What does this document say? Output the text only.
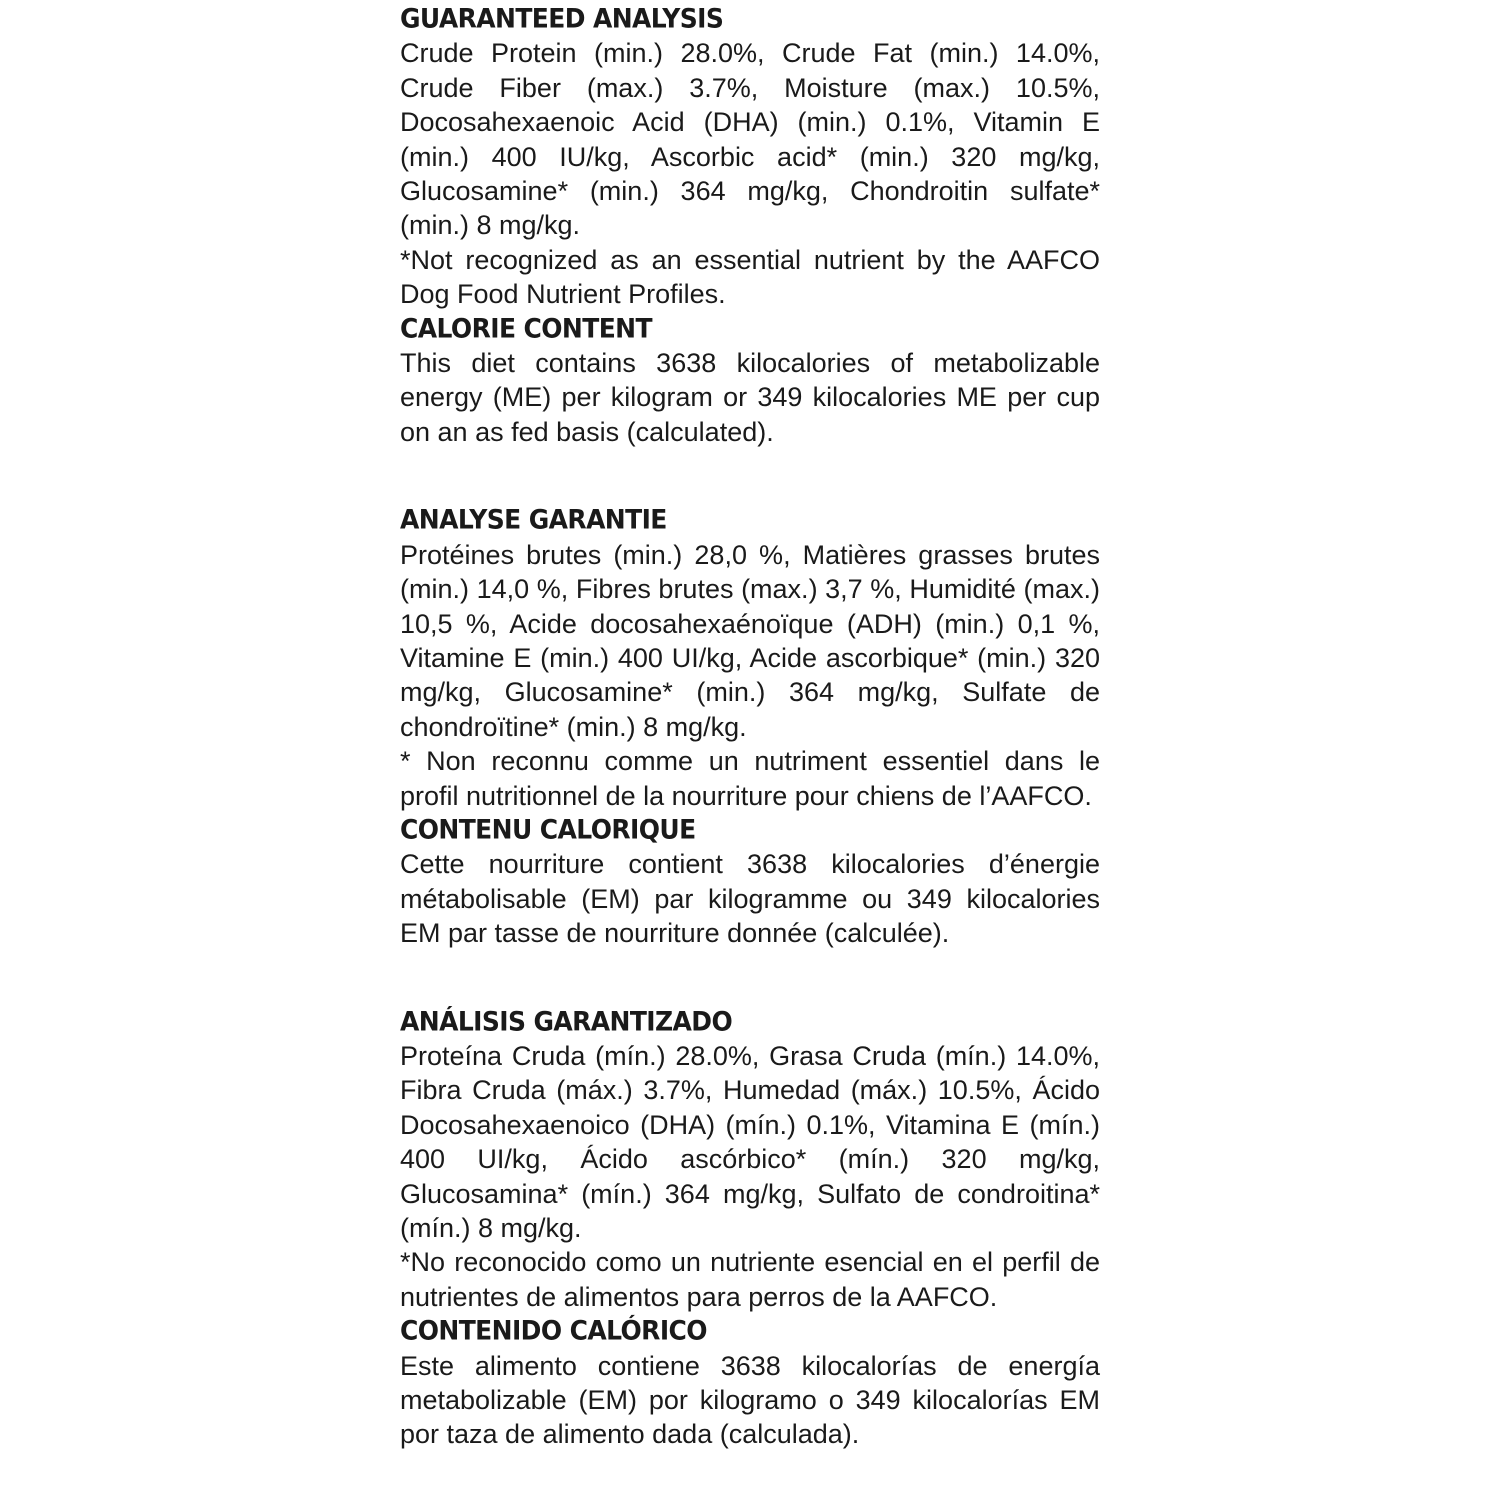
GUARANTEED ANALYSIS

Crude Protein (min.) 28.0%, Crude Fat (min.) 14.0%, Crude Fiber (max.) 3.7%, Moisture (max.) 10.5%, Docosahexaenoic Acid (DHA) (min.) 0.1%, Vitamin E (min.) 400 IU/kg, Ascorbic acid* (min.) 320 mg/kg, Glucosamine* (min.) 364 mg/kg, Chondroitin sulfate* (min.) 8 mg/kg.

*Not recognized as an essential nutrient by the AAFCO Dog Food Nutrient Profiles.

CALORIE CONTENT

This diet contains 3638 kilocalories of metabolizable energy (ME) per kilogram or 349 kilocalories ME per cup on an as fed basis (calculated).

ANALYSE GARANTIE

Protéines brutes (min.) 28,0 %, Matières grasses brutes (min.) 14,0 %, Fibres brutes (max.) 3,7 %, Humidité (max.) 10,5 %, Acide docosahexaénoïque (ADH) (min.) 0,1 %, Vitamine E (min.) 400 UI/kg, Acide ascorbique* (min.) 320 mg/kg, Glucosamine* (min.) 364 mg/kg, Sulfate de chondroïtine* (min.) 8 mg/kg.

* Non reconnu comme un nutriment essentiel dans le profil nutritionnel de la nourriture pour chiens de l’AAFCO.

CONTENU CALORIQUE

Cette nourriture contient 3638 kilocalories d’énergie métabolisable (EM) par kilogramme ou 349 kilocalories EM par tasse de nourriture donnée (calculée).

ANÁLISIS GARANTIZADO

Proteína Cruda (mín.) 28.0%, Grasa Cruda (mín.) 14.0%, Fibra Cruda (máx.) 3.7%, Humedad (máx.) 10.5%, Ácido Docosahexaenoico (DHA) (mín.) 0.1%, Vitamina E (mín.) 400 UI/kg, Ácido ascórbico* (mín.) 320 mg/kg, Glucosamina* (mín.) 364 mg/kg, Sulfato de condroitina* (mín.) 8 mg/kg.

*No reconocido como un nutriente esencial en el perfil de nutrientes de alimentos para perros de la AAFCO.

CONTENIDO CALÓRICO

Este alimento contiene 3638 kilocalorías de energía metabolizable (EM) por kilogramo o 349 kilocalorías EM por taza de alimento dada (calculada).
